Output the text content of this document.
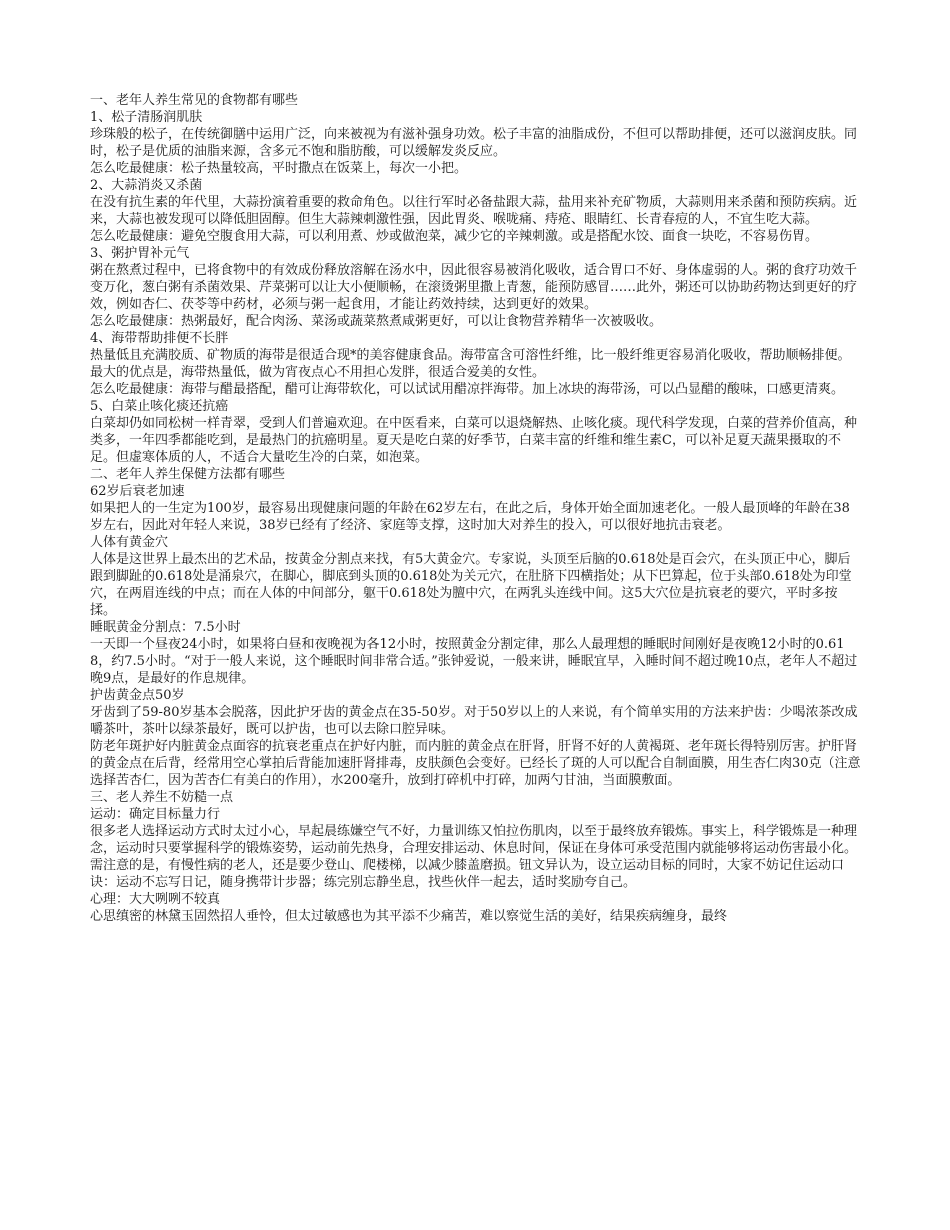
一、老年人养生常见的食物都有哪些

1、松子清肠润肌肤

珍珠般的松子，在传统御膳中运用广泛，向来被视为有滋补强身功效。松子丰富的油脂成份，不但可以帮助排便，还可以滋润皮肤。同时，松子是优质的油脂来源，含多元不饱和脂肪酸，可以缓解发炎反应。

怎么吃最健康：松子热量较高，平时撒点在饭菜上，每次一小把。

2、大蒜消炎又杀菌

在没有抗生素的年代里，大蒜扮演着重要的救命角色。以往行军时必备盐跟大蒜，盐用来补充矿物质，大蒜则用来杀菌和预防疾病。近来，大蒜也被发现可以降低胆固醇。但生大蒜辣刺激性强，因此胃炎、喉咙痛、痔疮、眼睛红、长青春痘的人，不宜生吃大蒜。

怎么吃最健康：避免空腹食用大蒜，可以利用煮、炒或做泡菜，减少它的辛辣刺激。或是搭配水饺、面食一块吃，不容易伤胃。

3、粥护胃补元气

粥在熬煮过程中，已将食物中的有效成份释放溶解在汤水中，因此很容易被消化吸收，适合胃口不好、身体虚弱的人。粥的食疗功效千变万化，葱白粥有杀菌效果、芹菜粥可以让大小便顺畅，在滚烫粥里撒上青葱，能预防感冒……此外，粥还可以协助药物达到更好的疗效，例如杏仁、茯苓等中药材，必须与粥一起食用，才能让药效持续，达到更好的效果。

怎么吃最健康：热粥最好，配合肉汤、菜汤或蔬菜熬煮咸粥更好，可以让食物营养精华一次被吸收。

4、海带帮助排便不长胖

热量低且充满胶质、矿物质的海带是很适合现*的美容健康食品。海带富含可溶性纤维，比一般纤维更容易消化吸收，帮助顺畅排便。最大的优点是，海带热量低，做为宵夜点心不用担心发胖，很适合爱美的女性。

怎么吃最健康：海带与醋最搭配，醋可让海带软化，可以试试用醋凉拌海带。加上冰块的海带汤，可以凸显醋的酸味，口感更清爽。

5、白菜止咳化痰还抗癌

白菜却仍如同松树一样青翠，受到人们普遍欢迎。在中医看来，白菜可以退烧解热、止咳化痰。现代科学发现，白菜的营养价值高，种类多，一年四季都能吃到，是最热门的抗癌明星。夏天是吃白菜的好季节，白菜丰富的纤维和维生素C，可以补足夏天蔬果摄取的不足。但虚寒体质的人，不适合大量吃生冷的白菜，如泡菜。

二、老年人养生保健方法都有哪些

62岁后衰老加速

如果把人的一生定为100岁，最容易出现健康问题的年龄在62岁左右，在此之后，身体开始全面加速老化。一般人最顶峰的年龄在38岁左右，因此对年轻人来说，38岁已经有了经济、家庭等支撑，这时加大对养生的投入，可以很好地抗击衰老。

人体有黄金穴

人体是这世界上最杰出的艺术品，按黄金分割点来找，有5大黄金穴。专家说，头顶至后脑的0.618处是百会穴，在头顶正中心，脚后跟到脚趾的0.618处是涌泉穴，在脚心，脚底到头顶的0.618处为关元穴，在肚脐下四横指处；从下巴算起，位于头部0.618处为印堂穴，在两眉连线的中点；而在人体的中间部分，躯干0.618处为膻中穴，在两乳头连线中间。这5大穴位是抗衰老的要穴，平时多按揉。

睡眠黄金分割点：7.5小时

一天即一个昼夜24小时，如果将白昼和夜晚视为各12小时，按照黄金分割定律，那么人最理想的睡眠时间刚好是夜晚12小时的0.618，约7.5小时。“对于一般人来说，这个睡眠时间非常合适。”张钟爱说，一般来讲，睡眠宜早，入睡时间不超过晚10点，老年人不超过晚9点，是最好的作息规律。

护齿黄金点50岁

牙齿到了59-80岁基本会脱落，因此护牙齿的黄金点在35-50岁。对于50岁以上的人来说，有个简单实用的方法来护齿：少喝浓茶改成嚼茶叶，茶叶以绿茶最好，既可以护齿，也可以去除口腔异味。

防老年斑护好内脏黄金点面容的抗衰老重点在护好内脏，而内脏的黄金点在肝肾，肝肾不好的人黄褐斑、老年斑长得特别厉害。护肝肾的黄金点在后背，经常用空心掌拍后背能加速肝肾排毒，皮肤颜色会变好。已经长了斑的人可以配合自制面膜，用生杏仁肉30克（注意选择苦杏仁，因为苦杏仁有美白的作用），水200毫升，放到打碎机中打碎，加两勺甘油，当面膜敷面。

三、老人养生不妨糙一点

运动：确定目标量力行

很多老人选择运动方式时太过小心，早起晨练嫌空气不好，力量训练又怕拉伤肌肉，以至于最终放弃锻炼。事实上，科学锻炼是一种理念，运动时只要掌握科学的锻炼姿势，运动前先热身，合理安排运动、休息时间，保证在身体可承受范围内就能够将运动伤害最小化。需注意的是，有慢性病的老人，还是要少登山、爬楼梯，以减少膝盖磨损。钮文异认为，设立运动目标的同时，大家不妨记住运动口诀：运动不忘写日记，随身携带计步器；练完别忘静坐息，找些伙伴一起去，适时奖励夸自己。

心理：大大咧咧不较真

心思缜密的林黛玉固然招人垂怜，但太过敏感也为其平添不少痛苦，难以察觉生活的美好，结果疾病缠身，最终
